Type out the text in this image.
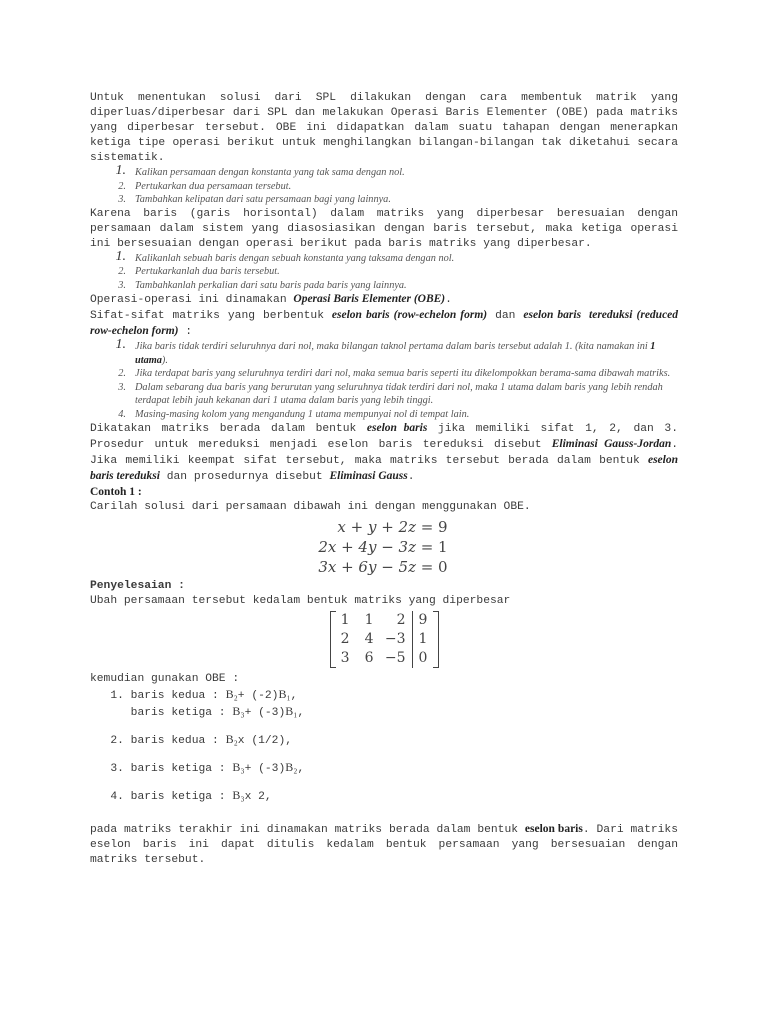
Untuk menentukan solusi dari SPL dilakukan dengan cara membentuk matrik yang diperluas/diperbesar dari SPL dan melakukan Operasi Baris Elementer (OBE) pada matriks yang diperbesar tersebut. OBE ini didapatkan dalam suatu tahapan dengan menerapkan ketiga tipe operasi berikut untuk menghilangkan bilangan-bilangan tak diketahui secara sistematik.

1. Kalikan persamaan dengan konstanta yang tak sama dengan nol.
2. Pertukarkan dua persamaan tersebut.
3. Tambahkan kelipatan dari satu persamaan bagi yang lainnya.

Karena baris (garis horisontal) dalam matriks yang diperbesar beresuaian dengan persamaan dalam sistem yang diasosiasikan dengan baris tersebut, maka ketiga operasi ini bersesuaian dengan operasi berikut pada baris matriks yang diperbesar.

1. Kalikanlah sebuah baris dengan sebuah konstanta yang taksama dengan nol.
2. Pertukarkanlah dua baris tersebut.
3. Tambahkanlah perkalian dari satu baris pada baris yang lainnya.

Operasi-operasi ini dinamakan Operasi Baris Elementer (OBE).

Sifat-sifat matriks yang berbentuk eselon baris (row-echelon form) dan eselon baris tereduksi (reduced row-echelon form) :

1. Jika baris tidak terdiri seluruhnya dari nol, maka bilangan taknol pertama dalam baris tersebut adalah 1. (kita namakan ini 1 utama).
2. Jika terdapat baris yang seluruhnya terdiri dari nol, maka semua baris seperti itu dikelompokkan berama-sama dibawah matriks.
3. Dalam sebarang dua baris yang berurutan yang seluruhnya tidak terdiri dari nol, maka 1 utama dalam baris yang lebih rendah terdapat lebih jauh kekanan dari 1 utama dalam baris yang lebih tinggi.
4. Masing-masing kolom yang mengandung 1 utama mempunyai nol di tempat lain.

Dikatakan matriks berada dalam bentuk eselon baris jika memiliki sifat 1, 2, dan 3. Prosedur untuk mereduksi menjadi eselon baris tereduksi disebut Eliminasi Gauss-Jordan. Jika memiliki keempat sifat tersebut, maka matriks tersebut berada dalam bentuk eselon baris tereduksi dan prosedurnya disebut Eliminasi Gauss.

Contoh 1 :

Carilah solusi dari persamaan dibawah ini dengan menggunakan OBE.

x + y + 2z = 9
2x + 4y − 3z = 1
3x + 6y − 5z = 0

Penyelesaian :

Ubah persamaan tersebut kedalam bentuk matriks yang diperbesar

1
2
3
1
4
6
2
−3
−5
9
1
0

kemudian gunakan OBE :

1. baris kedua : B₂+ (-2)B₁,
baris ketiga : B₃+ (-3)B₁,
2. baris kedua : B₂x (1/2),
3. baris ketiga : B₃+ (-3)B₂,
4. baris ketiga : B₃x 2,

pada matriks terakhir ini dinamakan matriks berada dalam bentuk eselon baris. Dari matriks eselon baris ini dapat ditulis kedalam bentuk persamaan yang bersesuaian dengan matriks tersebut.
